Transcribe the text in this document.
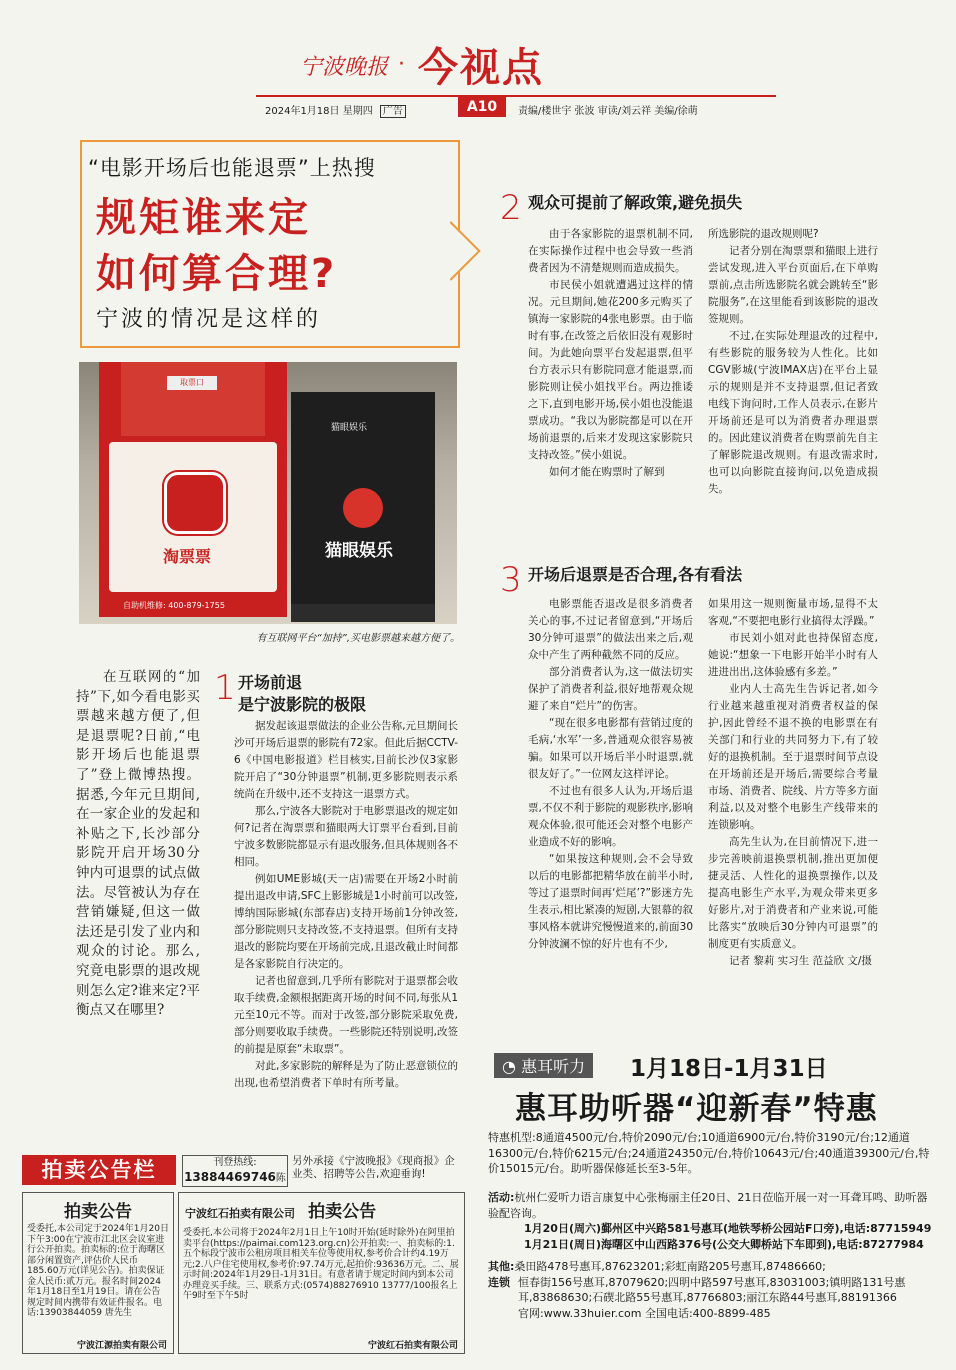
宁波晚报 · 今视点
2024年1月18日 星期四 广告	A10	责编/楼世宇 张波 审读/刘云祥 美编/徐萌
“电影开场后也能退票”上热搜
规矩谁来定
如何算合理?
宁波的情况是这样的
取票口
淘票票
自助机维修: 400-879-1755
猫眼娱乐
猫眼娱乐
有互联网平台“加持”,买电影票越来越方便了。
在互联网的“加持”下,如今看电影买票越来越方便了,但是退票呢?日前,“电影开场后也能退票了”登上微博热搜。据悉,今年元旦期间,在一家企业的发起和补贴之下,长沙部分影院开启开场30分钟内可退票的试点做法。尽管被认为存在营销嫌疑,但这一做法还是引发了业内和观众的讨论。那么,究竟电影票的退改规则怎么定?谁来定?平衡点又在哪里?
1 开场前退
是宁波影院的极限

据发起该退票做法的企业公告称,元旦期间长沙可开场后退票的影院有72家。但此后据CCTV-6《中国电影报道》栏目核实,目前长沙仅3家影院开启了“30分钟退票”机制,更多影院则表示系统尚在升级中,还不支持这一退票方式。

那么,宁波各大影院对于电影票退改的规定如何?记者在淘票票和猫眼两大订票平台看到,目前宁波多数影院都显示有退改服务,但具体规则各不相同。

例如UME影城(天一店)需要在开场2小时前提出退改申请,SFC上影影城是1小时前可以改签,博纳国际影城(东部春店)支持开场前1分钟改签,部分影院则只支持改签,不支持退票。但所有支持退改的影院均要在开场前完成,且退改截止时间都是各家影院自行决定的。

记者也留意到,几乎所有影院对于退票都会收取手续费,金额根据距离开场的时间不同,每张从1元至10元不等。而对于改签,部分影院采取免费,部分则要收取手续费。一些影院还特别说明,改签的前提是原套“未取票”。

对此,多家影院的解释是为了防止恶意锁位的出现,也希望消费者下单时有所考量。

2 观众可提前了解政策,避免损失

由于各家影院的退票机制不同,在实际操作过程中也会导致一些消费者因为不清楚规则而造成损失。

市民侯小姐就遭遇过这样的情况。元旦期间,她花200多元购买了镇海一家影院的4张电影票。由于临时有事,在改签之后依旧没有观影时间。为此她向票平台发起退票,但平台方表示只有影院同意才能退票,而影院则让侯小姐找平台。两边推诿之下,直到电影开场,侯小姐也没能退票成功。“我以为影院都是可以在开场前退票的,后来才发现这家影院只支持改签。”侯小姐说。

如何才能在购票时了解到

所选影院的退改规则呢?

记者分别在淘票票和猫眼上进行尝试发现,进入平台页面后,在下单购票前,点击所选影院名就会跳转至“影院服务”,在这里能看到该影院的退改签规则。

不过,在实际处理退改的过程中,有些影院的服务较为人性化。比如CGV影城(宁波IMAX店)在平台上显示的规则是并不支持退票,但记者致电线下询问时,工作人员表示,在影片开场前还是可以为消费者办理退票的。因此建议消费者在购票前先自主了解影院退改规则。有退改需求时,也可以向影院直接询问,以免造成损失。

3 开场后退票是否合理,各有看法

电影票能否退改是很多消费者关心的事,不过记者留意到,“开场后30分钟可退票”的做法出来之后,观众中产生了两种截然不同的反应。

部分消费者认为,这一做法切实保护了消费者利益,很好地帮观众规避了来自“烂片”的伤害。

“现在很多电影都有营销过度的毛病,‘水军’一多,普通观众很容易被骗。如果可以开场后半小时退票,就很友好了。”一位网友这样评论。

不过也有很多人认为,开场后退票,不仅不利于影院的观影秩序,影响观众体验,很可能还会对整个电影产业造成不好的影响。

“如果按这种规则,会不会导致以后的电影都把精华放在前半小时,等过了退票时间再‘烂尾’?”影迷方先生表示,相比紧凑的短剧,大银幕的叙事风格本就讲究慢慢道来的,前面30分钟波澜不惊的好片也有不少,

如果用这一规则衡量市场,显得不太客观,“不要把电影行业搞得太浮躁。”

市民刘小姐对此也持保留态度,她说:“想象一下电影开始半小时有人进进出出,这体验感有多差。”

业内人士高先生告诉记者,如今行业越来越重视对消费者权益的保护,因此曾经不退不换的电影票在有关部门和行业的共同努力下,有了较好的退换机制。至于退票时间节点设在开场前还是开场后,需要综合考量市场、消费者、院线、片方等多方面利益,以及对整个电影生产线带来的连锁影响。

高先生认为,在目前情况下,进一步完善映前退换票机制,推出更加便捷灵活、人性化的退换票操作,以及提高电影生产水平,为观众带来更多好影片,对于消费者和产业来说,可能比落实“放映后30分钟内可退票”的制度更有实质意义。

记者 黎莉 实习生 范益欣 文/摄

拍卖公告栏	刊登热线:
13884469746陈
另外承接《宁波晚报》《现商报》企业类、招聘等公告,欢迎垂询!
拍卖公告
受委托,本公司定于2024年1月20日下午3:00在宁波市江北区会议室进行公开拍卖。拍卖标的:位于海曙区部分闲置资产,评估价人民币185.60万元(详见公告)。拍卖保证金人民币:贰万元。报名时间2024年1月18日至1月19日。请在公告规定时间内携带有效证件报名。电话:13903844059 唐先生
宁波江源拍卖有限公司
宁波红石拍卖有限公司 拍卖公告
受委托,本公司将于2024年2月1日上午10时开始(延时除外)在阿里拍卖平台(https://paimai.com123.org.cn)公开拍卖:一、拍卖标的:1.五个标段宁波市公租房项目相关车位等使用权,参考价合计约4.19万元;2.八户住宅使用权,参考价:97.74万元,起拍价:93636万元。二、展示时间:2024年1月29日-1月31日。有意者请于规定时间内到本公司办理竞买手续。三、联系方式:(0574)88276910 13777/100报名上午9时至下午5时
宁波红石拍卖有限公司
◔ 惠耳听力	1月18日-1月31日
惠耳助听器“迎新春”特惠
特惠机型:8通道4500元/台,特价2090元/台;10通道6900元/台,特价3190元/台;12通道16300元/台,特价6215元/台;24通道24350元/台,特价10643元/台;40通道39300元/台,特价15015元/台。助听器保修延长至3-5年。
活动:杭州仁爱听力语言康复中心张梅丽主任20日、21日莅临开展一对一耳聋耳鸣、助听器验配咨询。
1月20日(周六)鄞州区中兴路581号惠耳(地铁琴桥公园站F口旁),电话:87715949
1月21日(周日)海曙区中山西路376号(公交大卿桥站下车即到),电话:87277984
其他:桑田路478号惠耳,87623201;彩虹南路205号惠耳,87486660;
连锁 恒春街156号惠耳,87079620;四明中路597号惠耳,83031003;镇明路131号惠耳,83868630;石碶北路55号惠耳,87766803;丽江东路44号惠耳,88191366
官网:www.33huier.com 全国电话:400-8899-485
